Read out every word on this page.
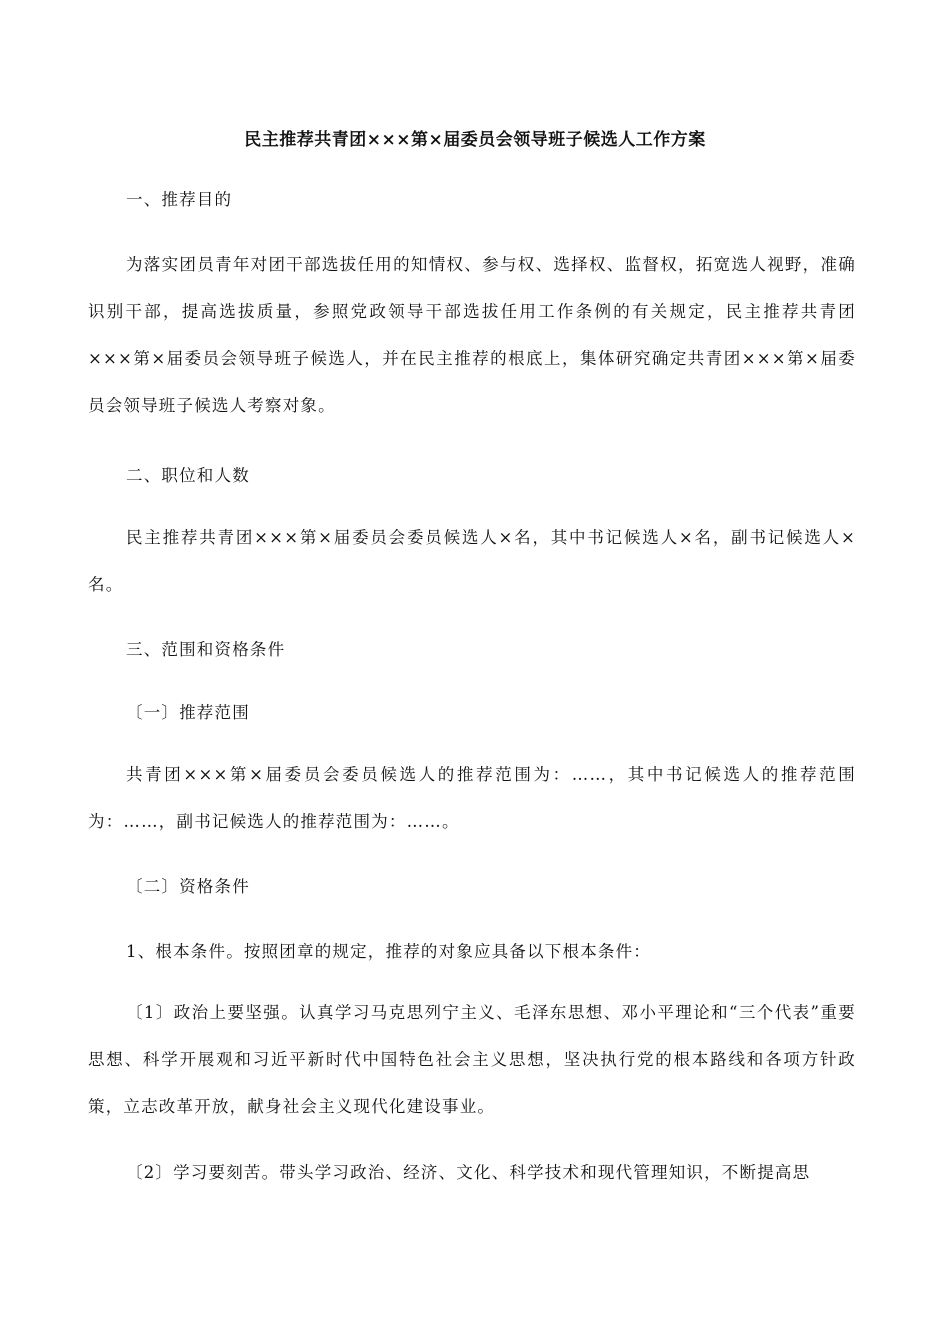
民主推荐共青团×××第×届委员会领导班子候选人工作方案

一、推荐目的

为落实团员青年对团干部选拔任用的知情权、参与权、选择权、监督权，拓宽选人视野，准确识别干部，提高选拔质量，参照党政领导干部选拔任用工作条例的有关规定，民主推荐共青团×××第×届委员会领导班子候选人，并在民主推荐的根底上，集体研究确定共青团×××第×届委员会领导班子候选人考察对象。

二、职位和人数

民主推荐共青团×××第×届委员会委员候选人×名，其中书记候选人×名，副书记候选人×名。

三、范围和资格条件

〔一〕推荐范围

共青团×××第×届委员会委员候选人的推荐范围为：……，其中书记候选人的推荐范围为：……，副书记候选人的推荐范围为：……。

〔二〕资格条件

1、根本条件。按照团章的规定，推荐的对象应具备以下根本条件：

〔1〕政治上要坚强。认真学习马克思列宁主义、毛泽东思想、邓小平理论和“三个代表”重要思想、科学开展观和习近平新时代中国特色社会主义思想，坚决执行党的根本路线和各项方针政策，立志改革开放，献身社会主义现代化建设事业。

〔2〕学习要刻苦。带头学习政治、经济、文化、科学技术和现代管理知识，不断提高思
